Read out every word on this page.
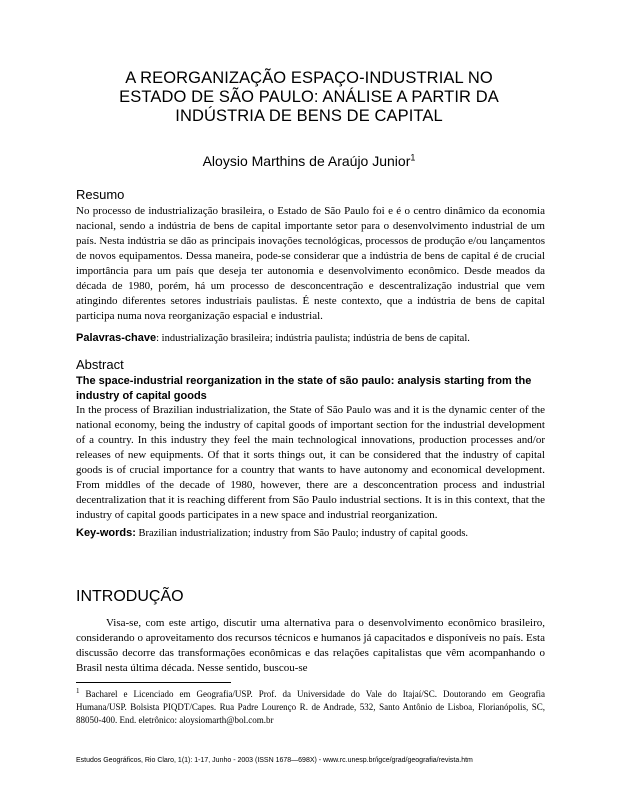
A REORGANIZAÇÃO ESPAÇO-INDUSTRIAL NO
ESTADO DE SÃO PAULO: ANÁLISE A PARTIR DA
INDÚSTRIA DE BENS DE CAPITAL
Aloysio Marthins de Araújo Junior$^1$
Resumo
No processo de industrialização brasileira, o Estado de São Paulo foi e é o centro dinâmico da economia nacional, sendo a indústria de bens de capital importante setor para o desenvolvimento industrial de um país. Nesta indústria se dão as principais inovações tecnológicas, processos de produção e/ou lançamentos de novos equipamentos. Dessa maneira, pode-se considerar que a indústria de bens de capital é de crucial importância para um país que deseja ter autonomia e desenvolvimento econômico. Desde meados da década de 1980, porém, há um processo de desconcentração e descentralização industrial que vem atingindo diferentes setores industriais paulistas. É neste contexto, que a indústria de bens de capital participa numa nova reorganização espacial e industrial.
Palavras-chave: industrialização brasileira; indústria paulista; indústria de bens de capital.
Abstract
The space-industrial reorganization in the state of são paulo: analysis starting from the industry of capital goods
In the process of Brazilian industrialization, the State of São Paulo was and it is the dynamic center of the national economy, being the industry of capital goods of important section for the industrial development of a country. In this industry they feel the main technological innovations, production processes and/or releases of new equipments. Of that it sorts things out, it can be considered that the industry of capital goods is of crucial importance for a country that wants to have autonomy and economical development. From middles of the decade of 1980, however, there are a desconcentration process and industrial decentralization that it is reaching different from São Paulo industrial sections. It is in this context, that the industry of capital goods participates in a new space and industrial reorganization.
Key-words: Brazilian industrialization; industry from São Paulo; industry of capital goods.
INTRODUÇÃO
Visa-se, com este artigo, discutir uma alternativa para o desenvolvimento econômico brasileiro, considerando o aproveitamento dos recursos técnicos e humanos já capacitados e disponíveis no país. Esta discussão decorre das transformações econômicas e das relações capitalistas que vêm acompanhando o Brasil nesta última década. Nesse sentido, buscou-se
$^1$ Bacharel e Licenciado em Geografia/USP. Prof. da Universidade do Vale do Itajaí/SC. Doutorando em Geografia Humana/USP. Bolsista PIQDT/Capes. Rua Padre Lourenço R. de Andrade, 532, Santo Antônio de Lisboa, Florianópolis, SC, 88050-400. End. eletrônico: aloysiomarth@bol.com.br
Estudos Geográficos, Rio Claro, 1(1): 1-17, Junho - 2003 (ISSN 1678—698X) - www.rc.unesp.br/igce/grad/geografia/revista.htm
